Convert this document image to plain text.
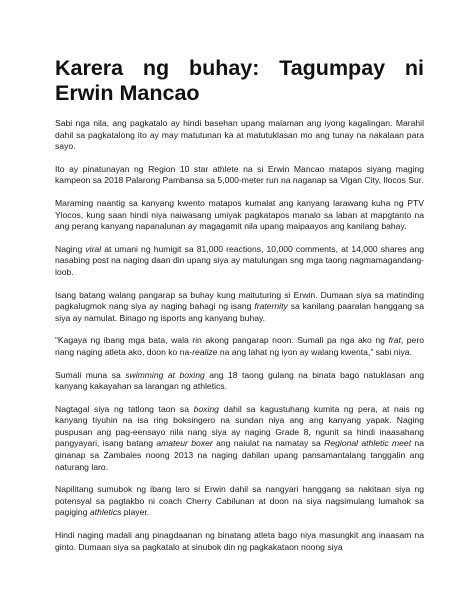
Karera ng buhay: Tagumpay ni Erwin Mancao

Sabi nga nila, ang pagkatalo ay hindi basehan upang malaman ang iyong kagalingan. Marahil dahil sa pagkatalong ito ay may matutunan ka at matutuklasan mo ang tunay na nakalaan para sayo.

Ito ay pinatunayan ng Region 10 star athlete na si Erwin Mancao matapos siyang maging kampeon sa 2018 Palarong Pambansa sa 5,000-meter run na naganap sa Vigan City, Ilocos Sur.

Maraming naantig sa kanyang kwento matapos kumalat ang kanyang larawang kuha ng PTV Ylocos, kung saan hindi niya naiwasang umiyak pagkatapos manalo sa laban at mapgtanto na ang perang kanyang napanalunan ay magagamit nila upang maipaayos ang kanilang bahay.

Naging viral at umani ng humigit sa 81,000 reactions, 10,000 comments, at 14,000 shares ang nasabing post na naging daan din upang siya ay matulungan sng mga taong nagmamagandang-loob.

Isang batang walang pangarap sa buhay kung maituturing si Erwin. Dumaan siya sa matinding pagkalugmok nang siya ay naging bahagi ng isang fraternity sa kanilang paaralan hanggang sa siya ay namulat. Binago ng isports ang kanyang buhay.

“Kagaya ng ibang mga bata, wala rin akong pangarap noon. Sumali pa nga ako ng frat, pero nang naging atleta ako, doon ko na-realize na ang lahat ng iyon ay walang kwenta,” sabi niya.

Sumali muna sa swimming at boxing ang 18 taong gulang na binata bago natuklasan ang kanyang kakayahan sa larangan ng athletics.

Nagtagal siya ng tatlong taon sa boxing dahil sa kagustuhang kumita ng pera, at nais ng kanyang tiyuhin na isa ring boksingero na sundan niya ang ang kanyang yapak. Naging puspusan ang pag-eensayo nila nang siya ay naging Grade 8, ngunit sa hindi inaasahang pangyayari, isang batang amateur boxer ang naiulat na namatay sa Regional athletic meet na ginanap sa Zambales noong 2013 na naging dahilan upang pansamantalang tanggalin ang naturang laro.

Napilitang sumubok ng ibang laro si Erwin dahil sa nangyari hanggang sa nakitaan siya ng potensyal sa pagtakbo ni coach Cherry Cabilunan at doon na siya nagsimulang lumahok sa pagiging athletics player.

Hindi naging madali ang pinagdaanan ng binatang atleta bago niya masungkit ang inaasam na ginto. Dumaan siya sa pagkatalo at sinubok din ng pagkakataon noong siya
